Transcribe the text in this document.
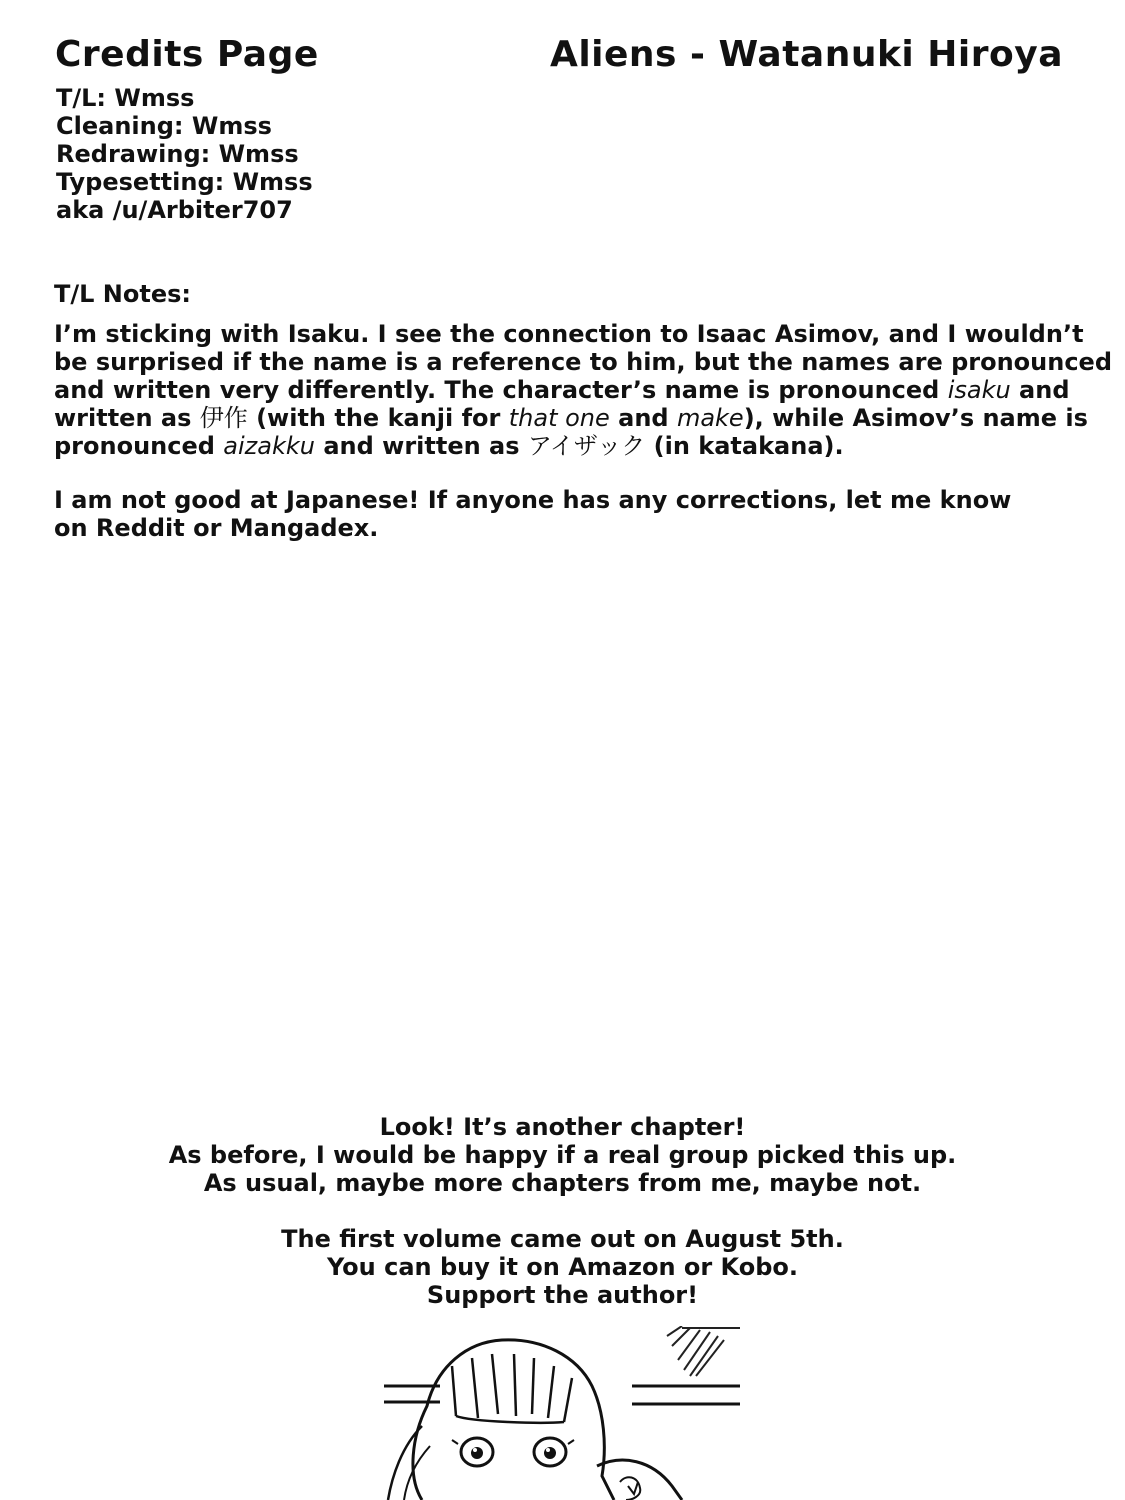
Credits Page	Aliens - Watanuki Hiroya
T/L: Wmss
Cleaning: Wmss
Redrawing: Wmss
Typesetting: Wmss
aka /u/Arbiter707
T/L Notes:
I’m sticking with Isaku. I see the connection to Isaac Asimov, and I wouldn’t
be surprised if the name is a reference to him, but the names are pronounced
and written very differently. The character’s name is pronounced isaku and
written as 伊作 (with the kanji for that one and make), while Asimov’s name is
pronounced aizakku and written as アイザック (in katakana).
I am not good at Japanese! If anyone has any corrections, let me know
on Reddit or Mangadex.
Look! It’s another chapter!
As before, I would be happy if a real group picked this up.
As usual, maybe more chapters from me, maybe not.
The first volume came out on August 5th.
You can buy it on Amazon or Kobo.
Support the author!
